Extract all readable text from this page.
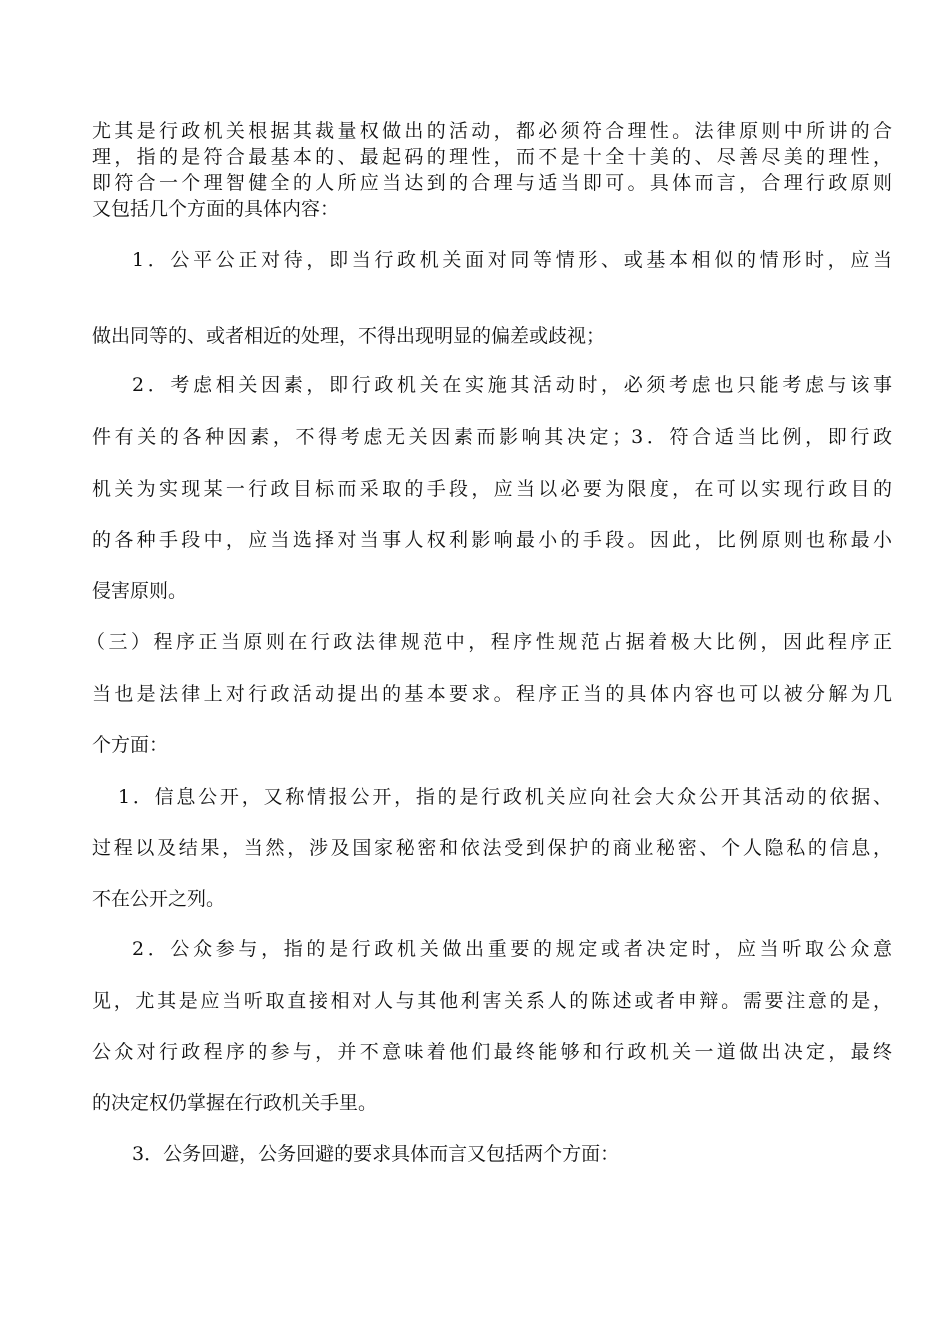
尤其是行政机关根据其裁量权做出的活动，都必须符合理性。法律原则中所讲的合
理，指的是符合最基本的、最起码的理性，而不是十全十美的、尽善尽美的理性，
即符合一个理智健全的人所应当达到的合理与适当即可。具体而言，合理行政原则
又包括几个方面的具体内容：
1．公平公正对待，即当行政机关面对同等情形、或基本相似的情形时，应当
做出同等的、或者相近的处理，不得出现明显的偏差或歧视；
2．考虑相关因素，即行政机关在实施其活动时，必须考虑也只能考虑与该事
件有关的各种因素，不得考虑无关因素而影响其决定；3．符合适当比例，即行政
机关为实现某一行政目标而采取的手段，应当以必要为限度，在可以实现行政目的
的各种手段中，应当选择对当事人权利影响最小的手段。因此，比例原则也称最小
侵害原则。
（三）程序正当原则在行政法律规范中，程序性规范占据着极大比例，因此程序正
当也是法律上对行政活动提出的基本要求。程序正当的具体内容也可以被分解为几
个方面：
1．信息公开，又称情报公开，指的是行政机关应向社会大众公开其活动的依据、
过程以及结果，当然，涉及国家秘密和依法受到保护的商业秘密、个人隐私的信息，
不在公开之列。
2．公众参与，指的是行政机关做出重要的规定或者决定时，应当听取公众意
见，尤其是应当听取直接相对人与其他利害关系人的陈述或者申辩。需要注意的是，
公众对行政程序的参与，并不意味着他们最终能够和行政机关一道做出决定，最终
的决定权仍掌握在行政机关手里。
3．公务回避，公务回避的要求具体而言又包括两个方面：
